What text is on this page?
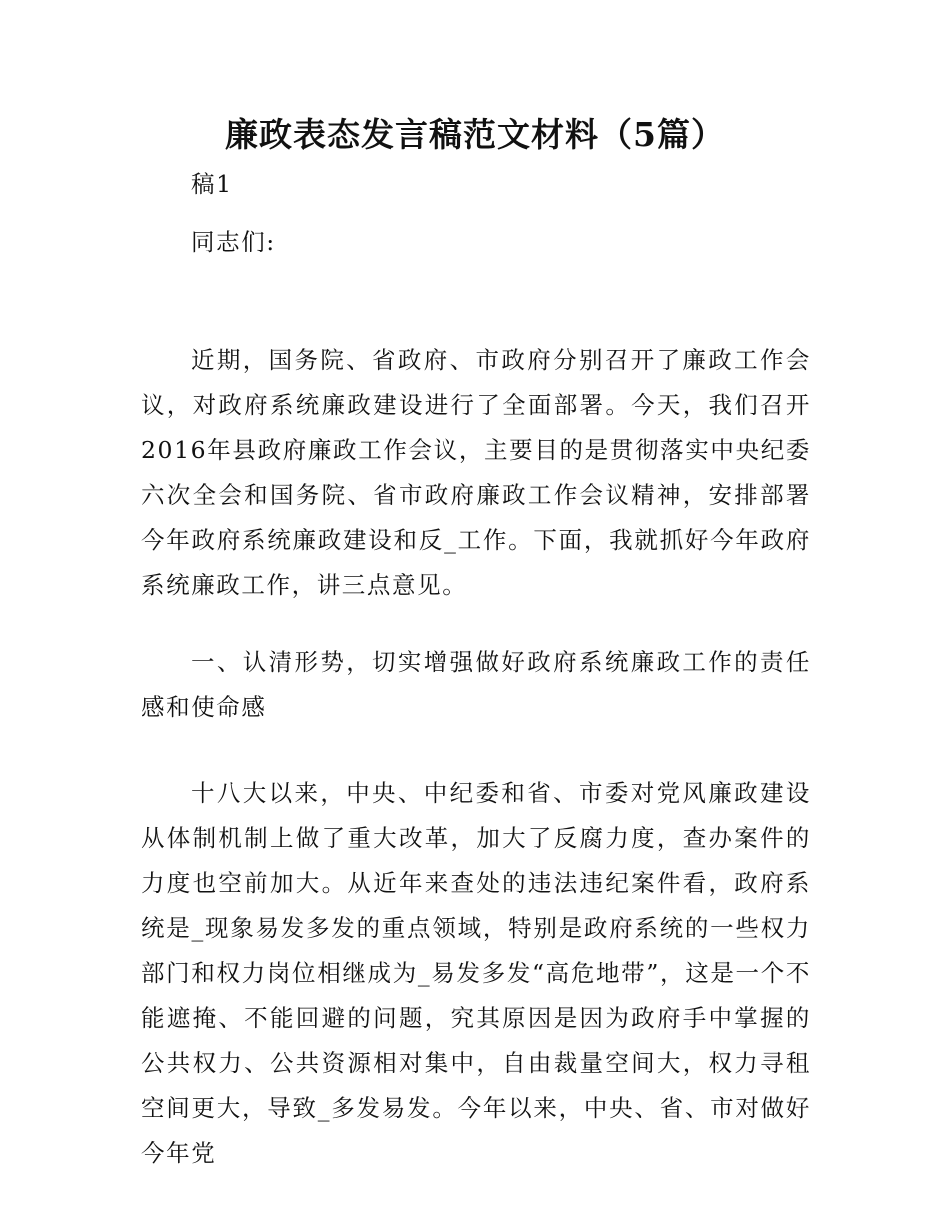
廉政表态发言稿范文材料（5篇）

稿1

同志们:

近期，国务院、省政府、市政府分别召开了廉政工作会议，对政府系统廉政建设进行了全面部署。今天，我们召开2016年县政府廉政工作会议，主要目的是贯彻落实中央纪委六次全会和国务院、省市政府廉政工作会议精神，安排部署今年政府系统廉政建设和反_工作。下面，我就抓好今年政府系统廉政工作，讲三点意见。

一、认清形势，切实增强做好政府系统廉政工作的责任感和使命感

十八大以来，中央、中纪委和省、市委对党风廉政建设从体制机制上做了重大改革，加大了反腐力度，查办案件的力度也空前加大。从近年来查处的违法违纪案件看，政府系统是_现象易发多发的重点领域，特别是政府系统的一些权力部门和权力岗位相继成为_易发多发“高危地带”，这是一个不能遮掩、不能回避的问题，究其原因是因为政府手中掌握的公共权力、公共资源相对集中，自由裁量空间大，权力寻租空间更大，导致_多发易发。今年以来，中央、省、市对做好今年党
